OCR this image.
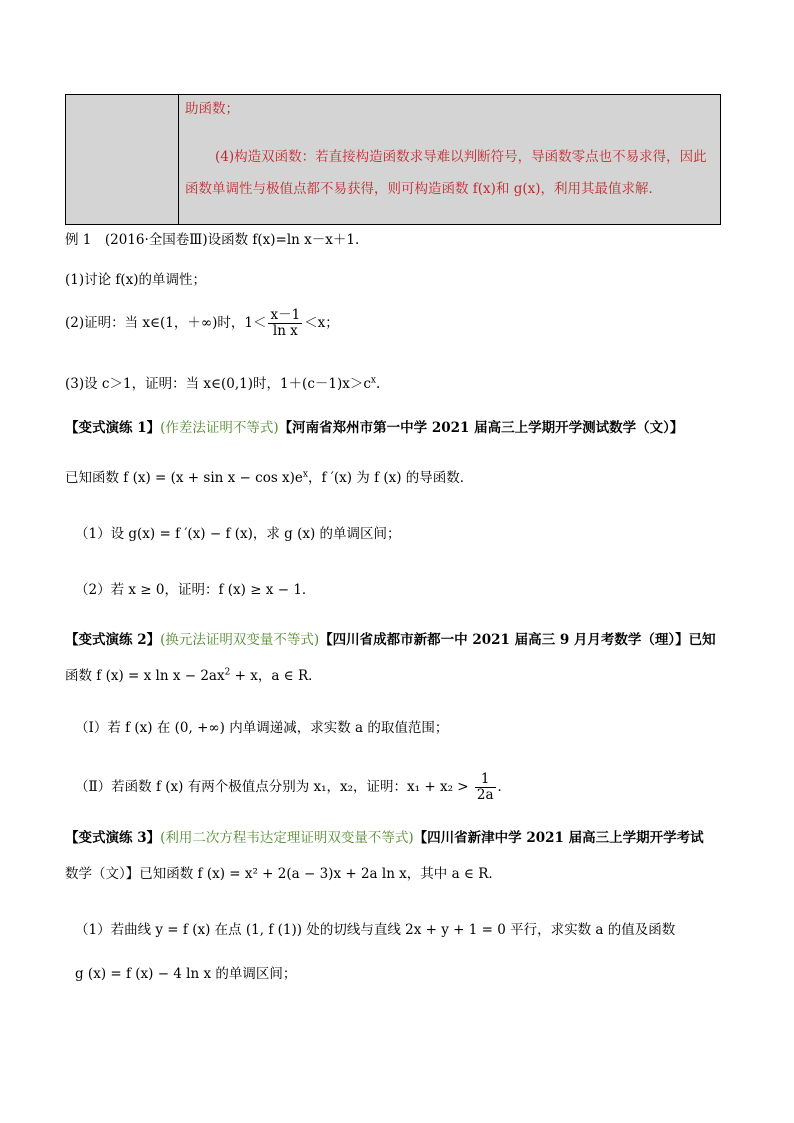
助函数；
(4)构造双函数：若直接构造函数求导难以判断符号，导函数零点也不易求得，因此
函数单调性与极值点都不易获得，则可构造函数 f(x)和 g(x)，利用其最值求解．
例 1　(2016·全国卷Ⅲ)设函数 f(x)=ln x－x＋1.
(1)讨论 f(x)的单调性；
(2)证明：当 x∈(1，＋∞)时，$1< \frac{x-1}{\text{ln x}} <x$；
(3)设 c＞1，证明：当 x∈(0,1)时，$1+(c-1)x>c^x$.
【变式演练 1】(作差法证明不等式)【河南省郑州市第一中学 2021 届高三上学期开学测试数学（文）】
已知函数 f $(x) = (x + \sin x - \cos x)e^x$，f ′(x) 为 f (x) 的导函数．
（1）设 g(x) = f ′(x) − f (x)，求 g (x) 的单调区间；
（2）若 x ≥ 0，证明：f (x) ≥ x − 1．
【变式演练 2】(换元法证明双变量不等式)【四川省成都市新都一中 2021 届高三 9 月月考数学（理）】已知
函数 f (x) = x $\ln x - 2ax^2 + x$，a ∈ R．
（Ⅰ）若 f (x) 在 (0, +∞) 内单调递减，求实数 a 的取值范围；
（Ⅱ）若函数 f (x) 有两个极值点分别为 x₁，x₂，证明：$x_1 + x_2 > \frac{1}{2a}$ ．
【变式演练 3】(利用二次方程韦达定理证明双变量不等式)【四川省新津中学 2021 届高三上学期开学考试
数学（文）】已知函数 f (x) = x² + 2(a − 3)x + 2a ln x，其中 a ∈ R．
（1）若曲线 y = f (x) 在点 (1, f (1)) 处的切线与直线 2x + y + 1 = 0 平行，求实数 a 的值及函数
g (x) = f (x) − 4 ln x 的单调区间；
